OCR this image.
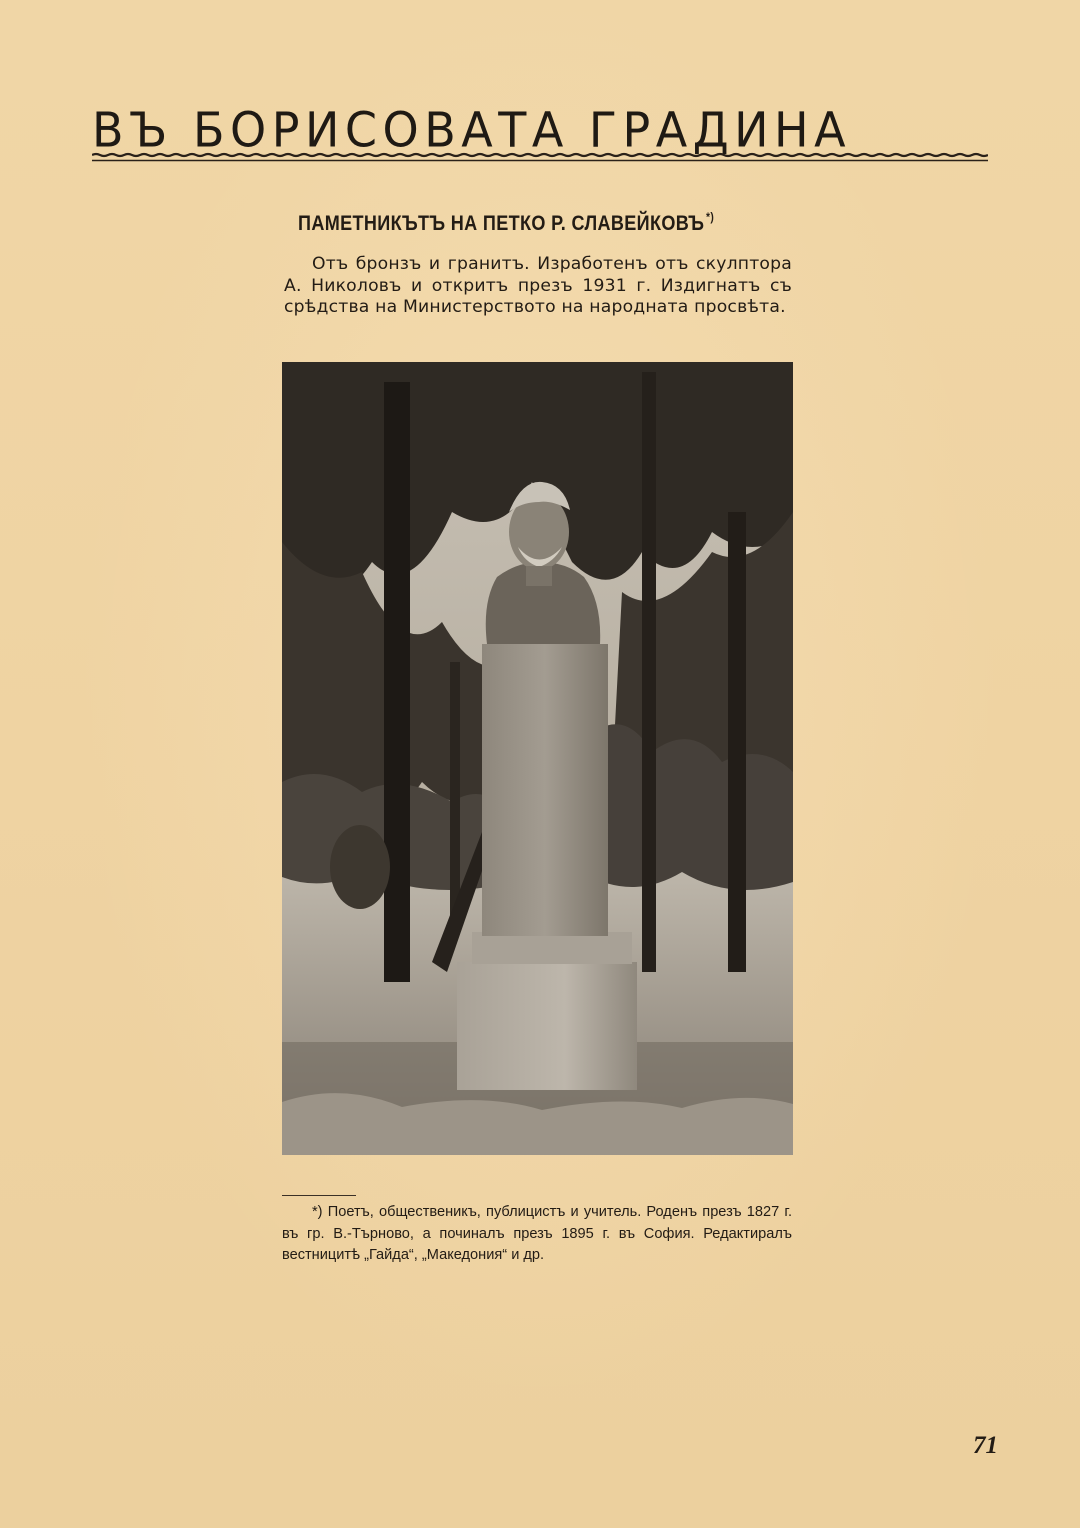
ВЪ БОРИСОВАТА ГРАДИНА
ПАМЕТНИКЪТЪ НА ПЕТКО Р. СЛАВЕЙКОВЪ *)
Отъ бронзъ и гранитъ. Изработенъ отъ скулптора А. Николовъ и откритъ презъ 1931 г. Издигнатъ съ срѣдства на Министерството на народната просвѣта.
*) Поетъ, общественикъ, публицистъ и учитель. Роденъ презъ 1827 г. въ гр. В.-Търново, а починалъ презъ 1895 г. въ София. Редактиралъ вестницитѣ „Гайда“, „Македония“ и др.
71
